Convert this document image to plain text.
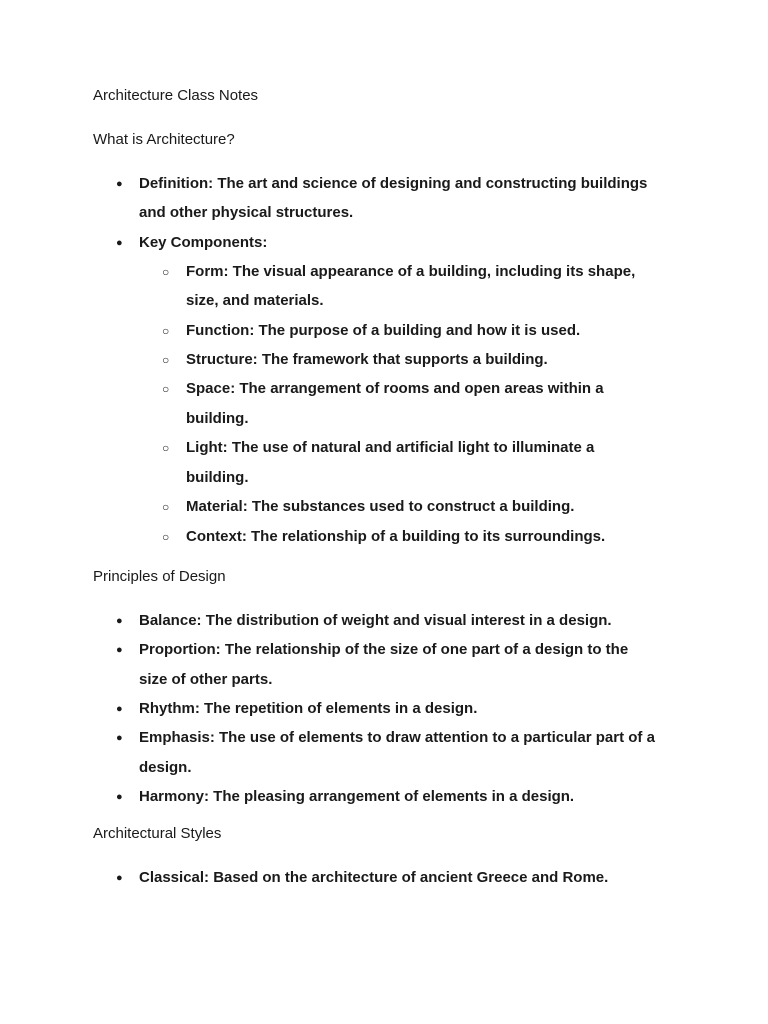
Architecture Class Notes
What is Architecture?
● Definition: The art and science of designing and constructing buildings
and other physical structures.
● Key Components:
○ Form: The visual appearance of a building, including its shape,
size, and materials.
○ Function: The purpose of a building and how it is used.
○ Structure: The framework that supports a building.
○ Space: The arrangement of rooms and open areas within a
building.
○ Light: The use of natural and artificial light to illuminate a
building.
○ Material: The substances used to construct a building.
○ Context: The relationship of a building to its surroundings.
Principles of Design
● Balance: The distribution of weight and visual interest in a design.
● Proportion: The relationship of the size of one part of a design to the
size of other parts.
● Rhythm: The repetition of elements in a design.
● Emphasis: The use of elements to draw attention to a particular part of a
design.
● Harmony: The pleasing arrangement of elements in a design.
Architectural Styles
● Classical: Based on the architecture of ancient Greece and Rome.
